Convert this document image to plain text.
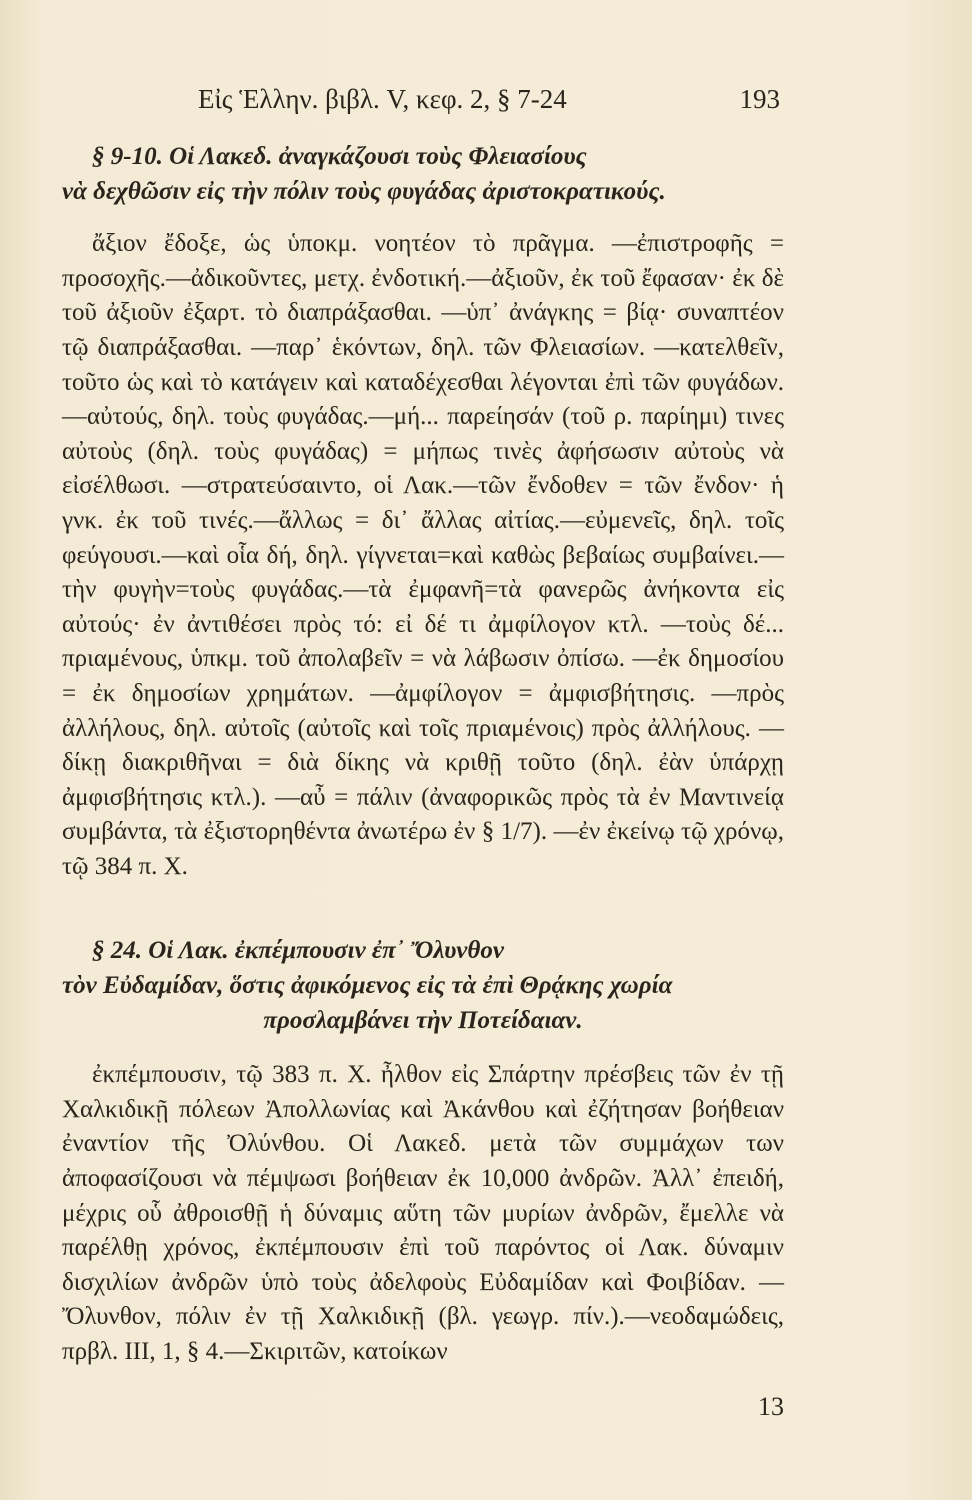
Εἰς Ἑλλην. βιβλ. V, κεφ. 2, § 7-24	193

§ 9-10. Οἱ Λακεδ. ἀναγκάζουσι τοὺς Φλειασίους

νὰ δεχθῶσιν εἰς τὴν πόλιν τοὺς φυγάδας ἀριστοκρατικούς.

ἄξιον ἔδοξε, ὡς ὑποκμ. νοητέον τὸ πρᾶγμα. —ἐπιστροφῆς = προσοχῆς.—ἀδικοῦντες, μετχ. ἐνδοτική.—ἀξιοῦν, ἐκ τοῦ ἔφασαν· ἐκ δὲ τοῦ ἀξιοῦν ἐξαρτ. τὸ διαπράξασθαι. —ὑπ᾽ ἀνάγκης = βίᾳ· συναπτέον τῷ διαπράξασθαι. —παρ᾽ ἑκόντων, δηλ. τῶν Φλειασίων. —κατελθεῖν, τοῦτο ὡς καὶ τὸ κατάγειν καὶ καταδέχεσθαι λέγονται ἐπὶ τῶν φυγάδων. —αὐτούς, δηλ. τοὺς φυγάδας.—μή... παρείησάν (τοῦ ρ. παρίημι) τινες αὐτοὺς (δηλ. τοὺς φυγάδας) = μήπως τινὲς ἀφήσωσιν αὐτοὺς νὰ εἰσέλθωσι. —στρατεύσαιντο, οἱ Λακ.—τῶν ἔνδοθεν = τῶν ἔνδον· ἡ γνκ. ἐκ τοῦ τινές.—ἄλλως = δι᾽ ἄλλας αἰτίας.—εὐμενεῖς, δηλ. τοῖς φεύγουσι.—καὶ οἷα δή, δηλ. γίγνεται=καὶ καθὼς βεβαίως συμβαίνει.—τὴν φυγὴν=τοὺς φυγάδας.—τὰ ἐμφανῆ=τὰ φανερῶς ἀνήκοντα εἰς αὐτούς· ἐν ἀντιθέσει πρὸς τό: εἰ δέ τι ἀμφίλογον κτλ. —τοὺς δέ... πριαμένους, ὑπκμ. τοῦ ἀπολαβεῖν = νὰ λάβωσιν ὀπίσω. —ἐκ δημοσίου = ἐκ δημοσίων χρημάτων. —ἀμφίλογον = ἀμφισβήτησις. —πρὸς ἀλλήλους, δηλ. αὐτοῖς (αὐτοῖς καὶ τοῖς πριαμένοις) πρὸς ἀλλήλους. —δίκῃ διακριθῆναι = διὰ δίκης νὰ κριθῇ τοῦτο (δηλ. ἐὰν ὑπάρχῃ ἀμφισβήτησις κτλ.). —αὖ = πάλιν (ἀναφορικῶς πρὸς τὰ ἐν Μαντινείᾳ συμβάντα, τὰ ἐξιστορηθέντα ἀνωτέρω ἐν § 1/7). —ἐν ἐκείνῳ τῷ χρόνῳ, τῷ 384 π. Χ.

§ 24. Οἱ Λακ. ἐκπέμπουσιν ἐπ᾽ Ὄλυνθον

τὸν Εὐδαμίδαν, ὅστις ἀφικόμενος εἰς τὰ ἐπὶ Θρᾴκης χωρία

προσλαμβάνει τὴν Ποτείδαιαν.

ἐκπέμπουσιν, τῷ 383 π. Χ. ἦλθον εἰς Σπάρτην πρέσβεις τῶν ἐν τῇ Χαλκιδικῇ πόλεων Ἀπολλωνίας καὶ Ἀκάνθου καὶ ἐζήτησαν βοήθειαν ἐναντίον τῆς Ὀλύνθου. Οἱ Λακεδ. μετὰ τῶν συμμάχων των ἀποφασίζουσι νὰ πέμψωσι βοήθειαν ἐκ 10,000 ἀνδρῶν. Ἀλλ᾽ ἐπειδή, μέχρις οὗ ἀθροισθῇ ἡ δύναμις αὕτη τῶν μυρίων ἀνδρῶν, ἔμελλε νὰ παρέλθῃ χρόνος, ἐκπέμπουσιν ἐπὶ τοῦ παρόντος οἱ Λακ. δύναμιν δισχιλίων ἀνδρῶν ὑπὸ τοὺς ἀδελφοὺς Εὐδαμίδαν καὶ Φοιβίδαν. —Ὄλυνθον, πόλιν ἐν τῇ Χαλκιδικῇ (βλ. γεωγρ. πίν.).—νεοδαμώδεις, πρβλ. III, 1, § 4.—Σκιριτῶν, κατοίκων

13
